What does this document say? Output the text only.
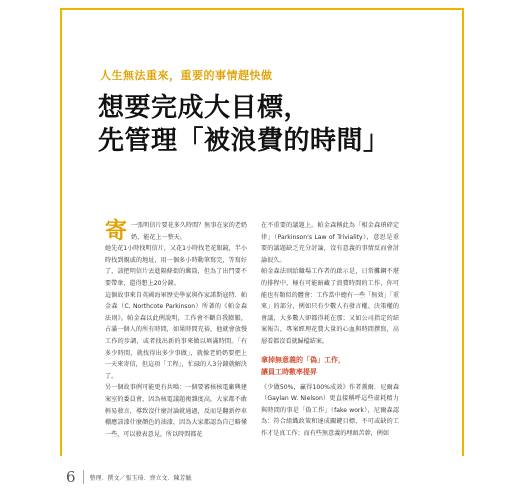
人生無法重來，重要的事情趕快做
想要完成大目標，
先管理「被浪費的時間」

寄一張明信片要花多久時間？無事在家的老奶奶，能花上一整天。

她先花1小時找明信片，又花1小時找老花眼鏡，半小時找到親戚的地址，用一個多小時動筆寫完，等寫好了，該把明信片丟進隔條街的郵筒，但為了出門要不要帶傘，還得想上20分鐘。

這個故事來自英國海軍歷史學家與作家諾斯寇特．帕金森（C. Northcote Parkinson）所著的《帕金森法則》。帕金森以此例說明，工作會不斷自我膨脹，占滿一個人的所有時間，如果時間充裕，他就會放慢工作的步調，或者找出新的事來做以填滿時間。「有多少時間，就找得出多少事做」，就像老奶奶要把上一天來寄信，但這項「工程」，忙碌的人3分鐘就解決了。

另一個故事例可能更有共鳴：一個要審核核電廠興建案室的委員會，因為核電議題複雜度高，大家都不敢輕易發言，導致沒什麼討論就通過，反而是翻新停車棚應該漆什麼顏色的油漆，因為大家都認為自己略懂一些，可以發表意見，所以時間都花

在不重要的議題上。帕金森稱此為「相金森瑣碎定律」（Parkinson's Law of Triviality），意思是重要的議題缺乏充分討論，沒有意義的事情反而會討論很久。

帕金森法則給職場工作者的啟示是，日常攤鋼不堪的排程中，極有可能暗藏了浪費時間的工作，你可能也有類似的體會：工作當中總有一些「無效」「重來」的部分，例如只有少數人有發言權、決策權的會議，大多數人卻都得耗在那；又如公司指定的結案報告，專案經理花費大量的心血與時間撰寫，高層看都沒看就歸檔結案。

拿掉無意義的「偽」工作，
讓員工時數率提昇

《少做50%，贏得100%成效》作者蓋爾．尼爾森（Gaylan W. Nielson）更直接稱呼這些虛耗精力與時間的事是「偽工作」（fake work），尼爾森認為：符合組織政策和達成關鍵目標，不可或缺的工作才是真工作；而有些無意義的埋頭苦幹，例如

6 整理．撰文／張玉琦．齊立文．陳芳毓
